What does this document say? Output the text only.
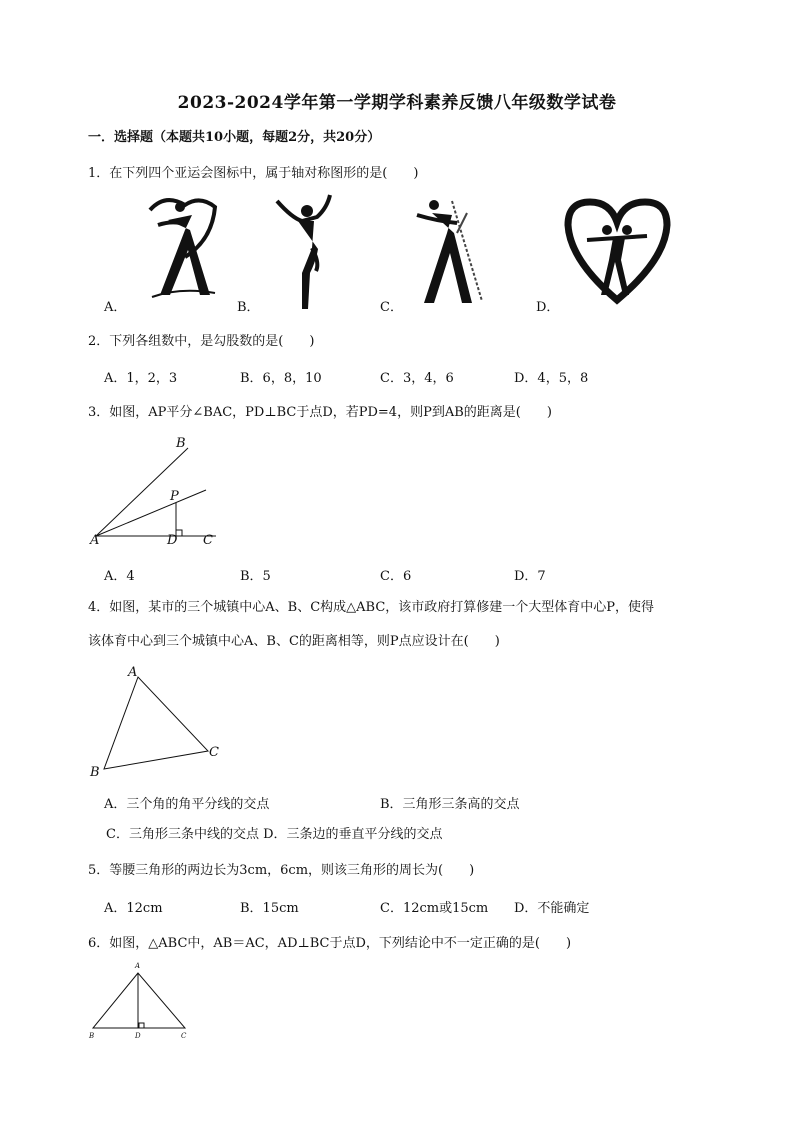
2023-2024学年第一学期学科素养反馈八年级数学试卷
一．选择题（本题共10小题，每题2分，共20分）
1．在下列四个亚运会图标中，属于轴对称图形的是(　　)
A．	B．	C．	D．
2．下列各组数中，是勾股数的是(　　)
A．1，2，3	B．6，8，10	C．3，4，6	D．4，5，8
3．如图，AP平分∠BAC，PD⊥BC于点D，若PD=4，则P到AB的距离是(　　)
B
P
A	D C
A．4	B．5	C．6	D．7
4．如图，某市的三个城镇中心A、B、C构成△ABC，该市政府打算修建一个大型体育中心P，使得
该体育中心到三个城镇中心A、B、C的距离相等，则P点应设计在(　　)
A
B
C
A．三个角的角平分线的交点	B．三角形三条高的交点
C．三角形三条中线的交点 D．三条边的垂直平分线的交点
5．等腰三角形的两边长为3cm，6cm，则该三角形的周长为(　　)
A．12cm	B．15cm	C．12cm或15cm D．不能确定
6．如图，△ABC中，AB＝AC，AD⊥BC于点D，下列结论中不一定正确的是(　　)
A
B	D	C
